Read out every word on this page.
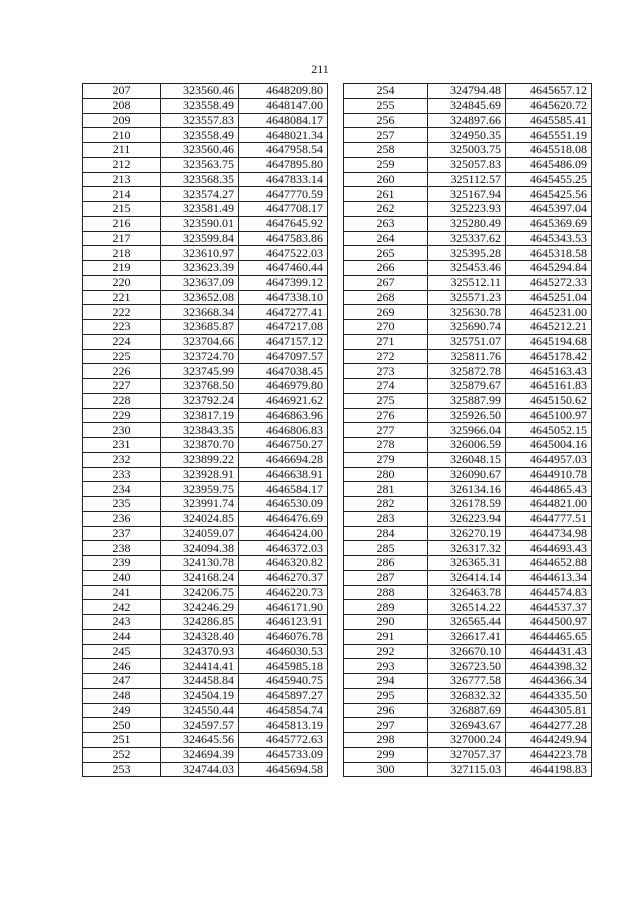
211
207	323560.46	4648209.80
208	323558.49	4648147.00
209	323557.83	4648084.17
210	323558.49	4648021.34
211	323560.46	4647958.54
212	323563.75	4647895.80
213	323568.35	4647833.14
214	323574.27	4647770.59
215	323581.49	4647708.17
216	323590.01	4647645.92
217	323599.84	4647583.86
218	323610.97	4647522.03
219	323623.39	4647460.44
220	323637.09	4647399.12
221	323652.08	4647338.10
222	323668.34	4647277.41
223	323685.87	4647217.08
224	323704.66	4647157.12
225	323724.70	4647097.57
226	323745.99	4647038.45
227	323768.50	4646979.80
228	323792.24	4646921.62
229	323817.19	4646863.96
230	323843.35	4646806.83
231	323870.70	4646750.27
232	323899.22	4646694.28
233	323928.91	4646638.91
234	323959.75	4646584.17
235	323991.74	4646530.09
236	324024.85	4646476.69
237	324059.07	4646424.00
238	324094.38	4646372.03
239	324130.78	4646320.82
240	324168.24	4646270.37
241	324206.75	4646220.73
242	324246.29	4646171.90
243	324286.85	4646123.91
244	324328.40	4646076.78
245	324370.93	4646030.53
246	324414.41	4645985.18
247	324458.84	4645940.75
248	324504.19	4645897.27
249	324550.44	4645854.74
250	324597.57	4645813.19
251	324645.56	4645772.63
252	324694.39	4645733.09
253	324744.03	4645694.58
254	324794.48	4645657.12
255	324845.69	4645620.72
256	324897.66	4645585.41
257	324950.35	4645551.19
258	325003.75	4645518.08
259	325057.83	4645486.09
260	325112.57	4645455.25
261	325167.94	4645425.56
262	325223.93	4645397.04
263	325280.49	4645369.69
264	325337.62	4645343.53
265	325395.28	4645318.58
266	325453.46	4645294.84
267	325512.11	4645272.33
268	325571.23	4645251.04
269	325630.78	4645231.00
270	325690.74	4645212.21
271	325751.07	4645194.68
272	325811.76	4645178.42
273	325872.78	4645163.43
274	325879.67	4645161.83
275	325887.99	4645150.62
276	325926.50	4645100.97
277	325966.04	4645052.15
278	326006.59	4645004.16
279	326048.15	4644957.03
280	326090.67	4644910.78
281	326134.16	4644865.43
282	326178.59	4644821.00
283	326223.94	4644777.51
284	326270.19	4644734.98
285	326317.32	4644693.43
286	326365.31	4644652.88
287	326414.14	4644613.34
288	326463.78	4644574.83
289	326514.22	4644537.37
290	326565.44	4644500.97
291	326617.41	4644465.65
292	326670.10	4644431.43
293	326723.50	4644398.32
294	326777.58	4644366.34
295	326832.32	4644335.50
296	326887.69	4644305.81
297	326943.67	4644277.28
298	327000.24	4644249.94
299	327057.37	4644223.78
300	327115.03	4644198.83
